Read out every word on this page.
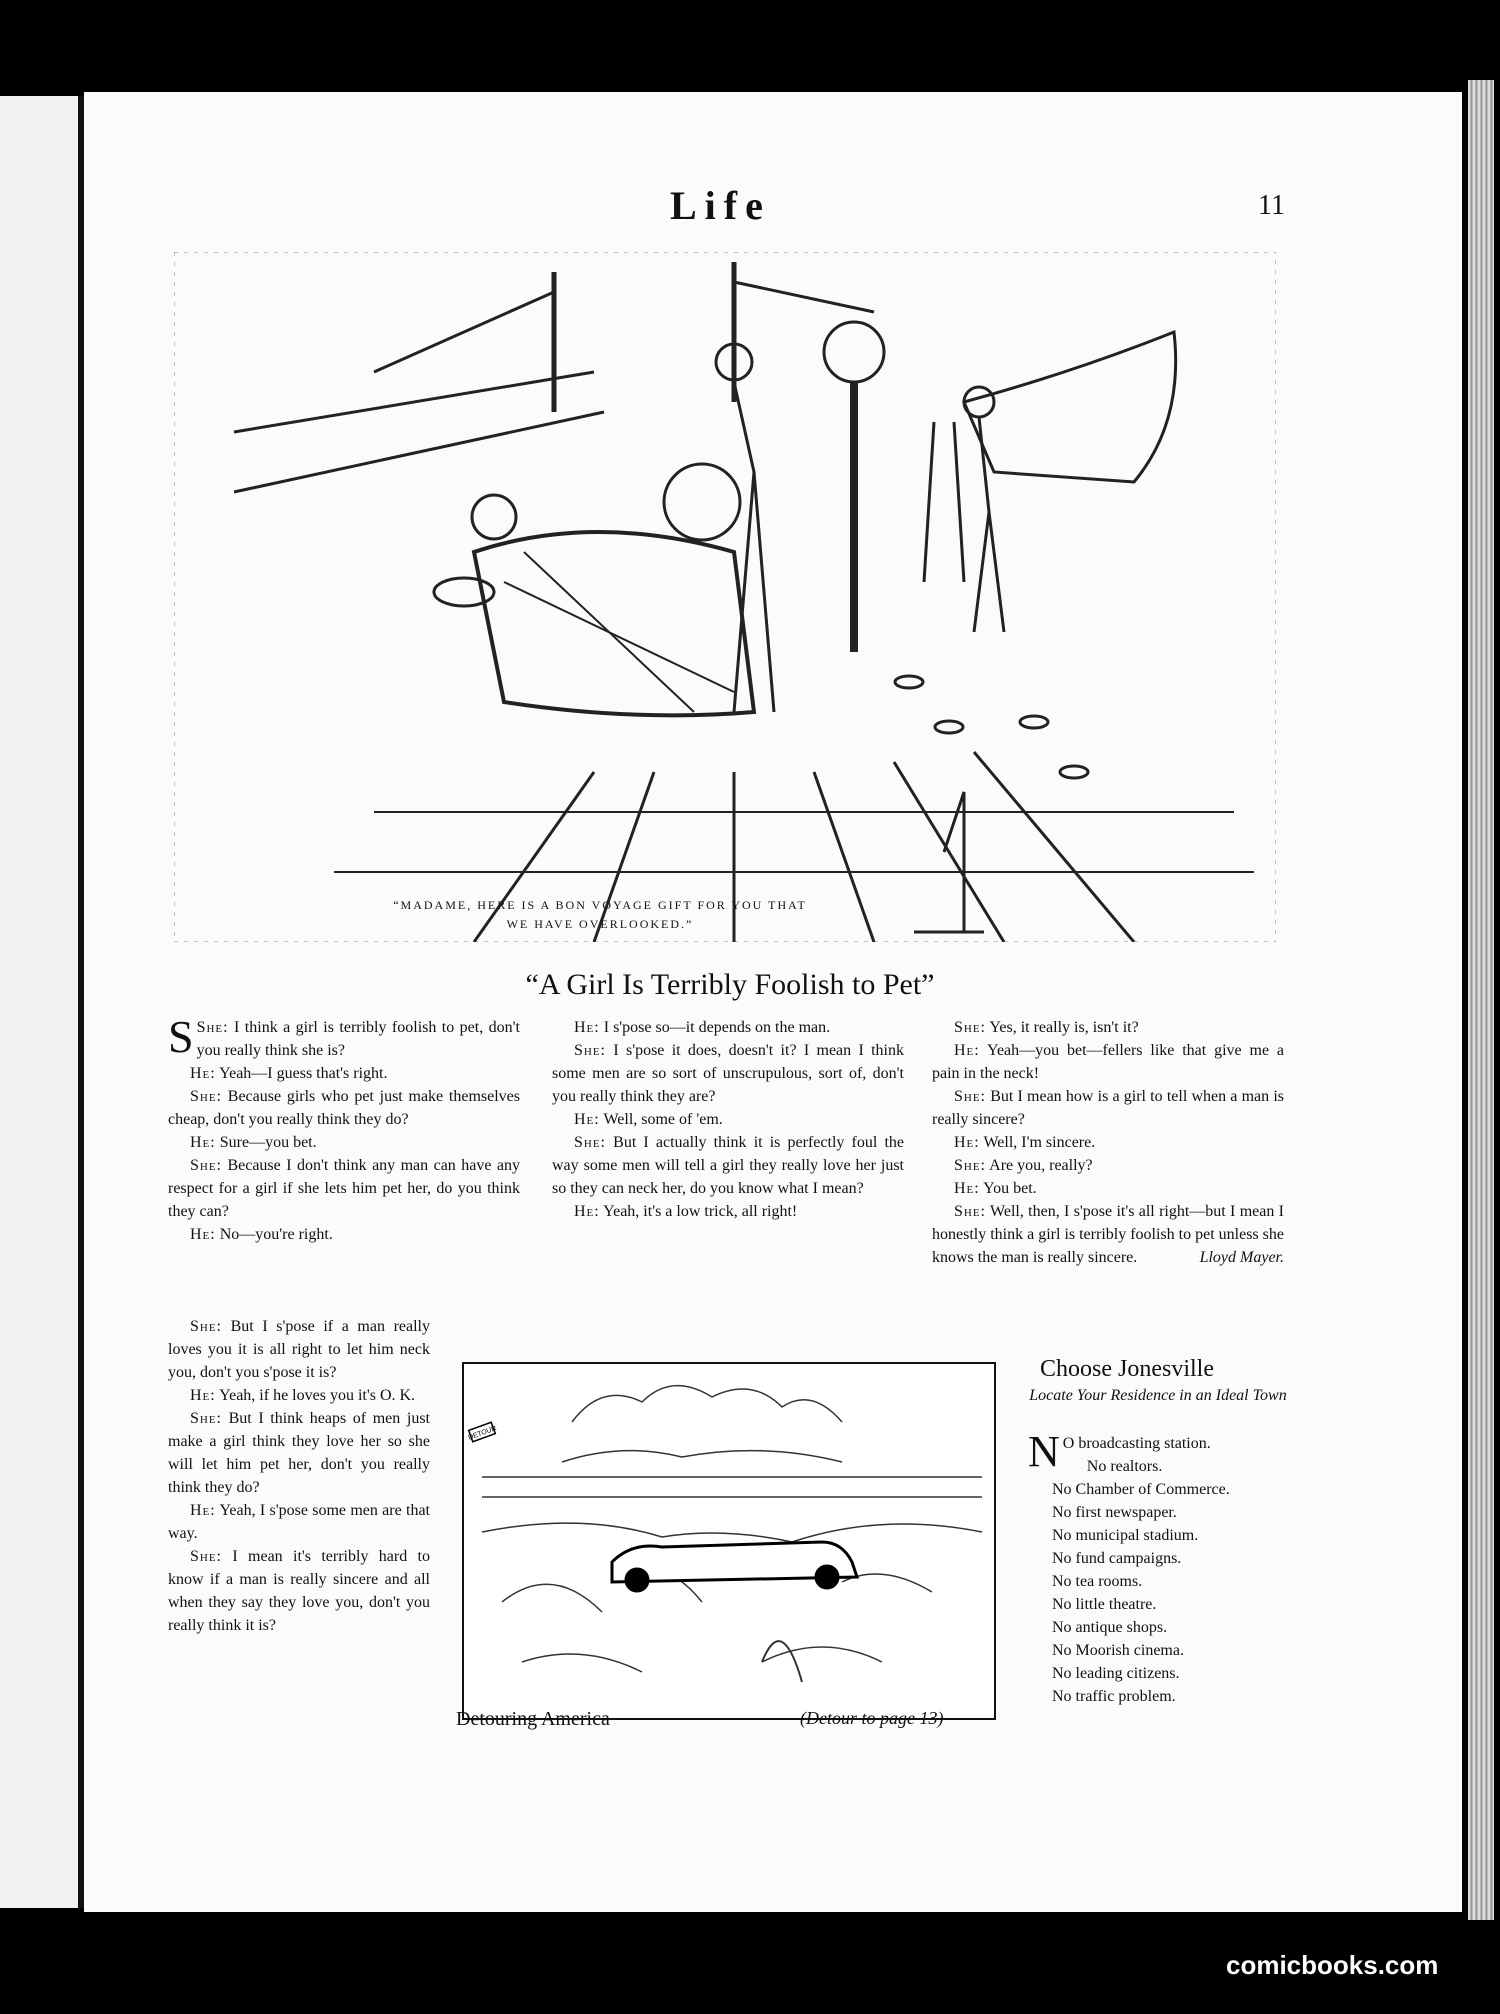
Life	11
“MADAME, HERE IS A BON VOYAGE GIFT FOR YOU THAT WE HAVE OVERLOOKED.”
“A Girl Is Terribly Foolish to Pet”

S She: I think a girl is terribly foolish to pet, don't you really think she is?

He: Yeah—I guess that's right.

She: Because girls who pet just make themselves cheap, don't you really think they do?

He: Sure—you bet.

She: Because I don't think any man can have any respect for a girl if she lets him pet her, do you think they can?

He: No—you're right.

She: But I s'pose if a man really loves you it is all right to let him neck you, don't you s'pose it is?

He: Yeah, if he loves you it's O. K.

She: But I think heaps of men just make a girl think they love her so she will let him pet her, don't you really think they do?

He: Yeah, I s'pose some men are that way.

She: I mean it's terribly hard to know if a man is really sincere and all when they say they love you, don't you really think it is?

He: I s'pose so—it depends on the man.

She: I s'pose it does, doesn't it? I mean I think some men are so sort of unscrupulous, sort of, don't you really think they are?

He: Well, some of 'em.

She: But I actually think it is perfectly foul the way some men will tell a girl they really love her just so they can neck her, do you know what I mean?

He: Yeah, it's a low trick, all right!

She: Yes, it really is, isn't it?

He: Yeah—you bet—fellers like that give me a pain in the neck!

She: But I mean how is a girl to tell when a man is really sincere?

He: Well, I'm sincere.

She: Are you, really?

He: You bet.

She: Well, then, I s'pose it's all right—but I mean I honestly think a girl is terribly foolish to pet unless she knows the man is really sincere.	Lloyd Mayer.
DETOUR
Detouring America	(Detour to page 13)
Choose Jonesville
Locate Your Residence in an Ideal Town

N O broadcasting station.

No realtors.

No Chamber of Commerce.

No first newspaper.

No municipal stadium.

No fund campaigns.

No tea rooms.

No little theatre.

No antique shops.

No Moorish cinema.

No leading citizens.

No traffic problem.

comicbooks.com
